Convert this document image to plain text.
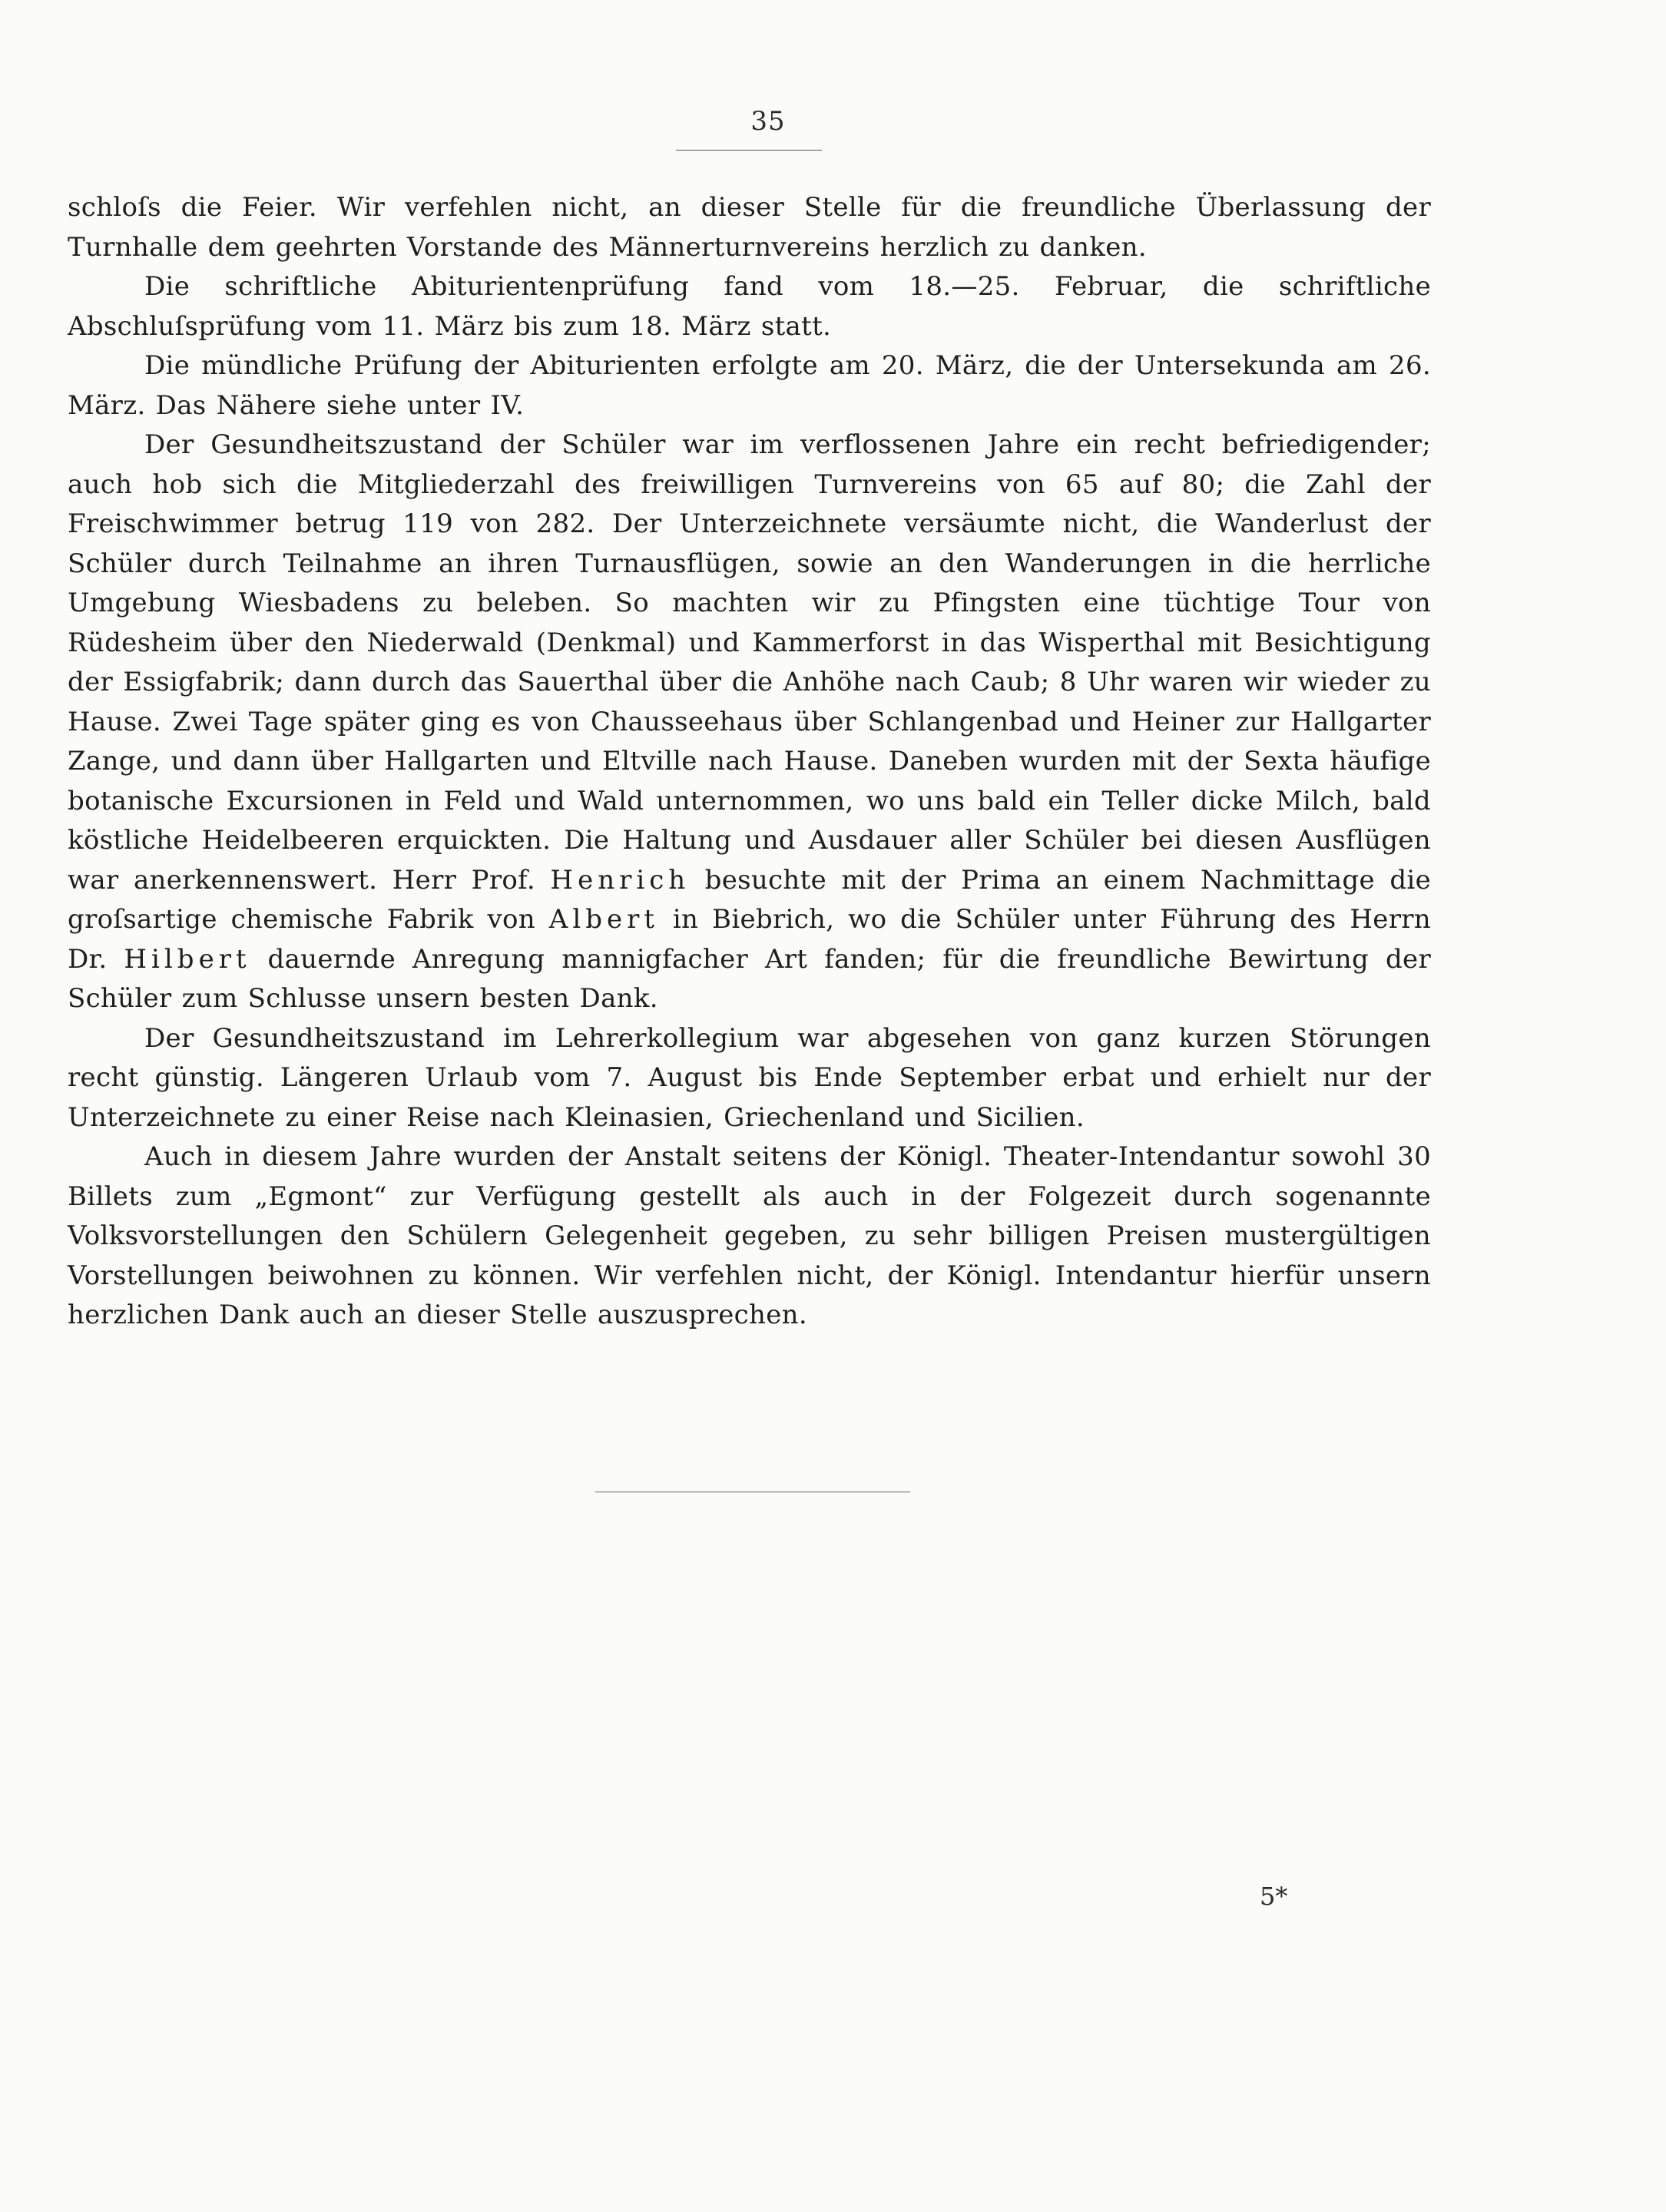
35

schloſs die Feier. Wir verfehlen nicht, an dieser Stelle für die freundliche Überlassung der Turnhalle dem geehrten Vorstande des Männerturnvereins herzlich zu danken.

Die schriftliche Abiturientenprüfung fand vom 18.—25. Februar, die schriftliche Abschluſsprüfung vom 11. März bis zum 18. März statt.

Die mündliche Prüfung der Abiturienten erfolgte am 20. März, die der Untersekunda am 26. März. Das Nähere siehe unter IV.

Der Gesundheitszustand der Schüler war im verflossenen Jahre ein recht befriedigender; auch hob sich die Mitgliederzahl des freiwilligen Turnvereins von 65 auf 80; die Zahl der Freischwimmer betrug 119 von 282. Der Unterzeichnete versäumte nicht, die Wanderlust der Schüler durch Teilnahme an ihren Turnausflügen, sowie an den Wanderungen in die herrliche Umgebung Wiesbadens zu beleben. So machten wir zu Pfingsten eine tüchtige Tour von Rüdesheim über den Niederwald (Denkmal) und Kammerforst in das Wisperthal mit Besichtigung der Essigfabrik; dann durch das Sauerthal über die Anhöhe nach Caub; 8 Uhr waren wir wieder zu Hause. Zwei Tage später ging es von Chausseehaus über Schlangenbad und Heiner zur Hallgarter Zange, und dann über Hallgarten und Eltville nach Hause. Daneben wurden mit der Sexta häufige botanische Excursionen in Feld und Wald unternommen, wo uns bald ein Teller dicke Milch, bald köstliche Heidelbeeren erquickten. Die Haltung und Ausdauer aller Schüler bei diesen Ausflügen war anerkennenswert. Herr Prof. Henrich besuchte mit der Prima an einem Nachmittage die groſsartige chemische Fabrik von Albert in Biebrich, wo die Schüler unter Führung des Herrn Dr. Hilbert dauernde Anregung mannigfacher Art fanden; für die freundliche Bewirtung der Schüler zum Schlusse unsern besten Dank.

Der Gesundheitszustand im Lehrerkollegium war abgesehen von ganz kurzen Störungen recht günstig. Längeren Urlaub vom 7. August bis Ende September erbat und erhielt nur der Unterzeichnete zu einer Reise nach Kleinasien, Griechenland und Sicilien.

Auch in diesem Jahre wurden der Anstalt seitens der Königl. Theater-Intendantur sowohl 30 Billets zum „Egmont“ zur Verfügung gestellt als auch in der Folgezeit durch sogenannte Volksvorstellungen den Schülern Gelegenheit gegeben, zu sehr billigen Preisen mustergültigen Vorstellungen beiwohnen zu können. Wir verfehlen nicht, der Königl. Intendantur hierfür unsern herzlichen Dank auch an dieser Stelle auszusprechen.

5*
